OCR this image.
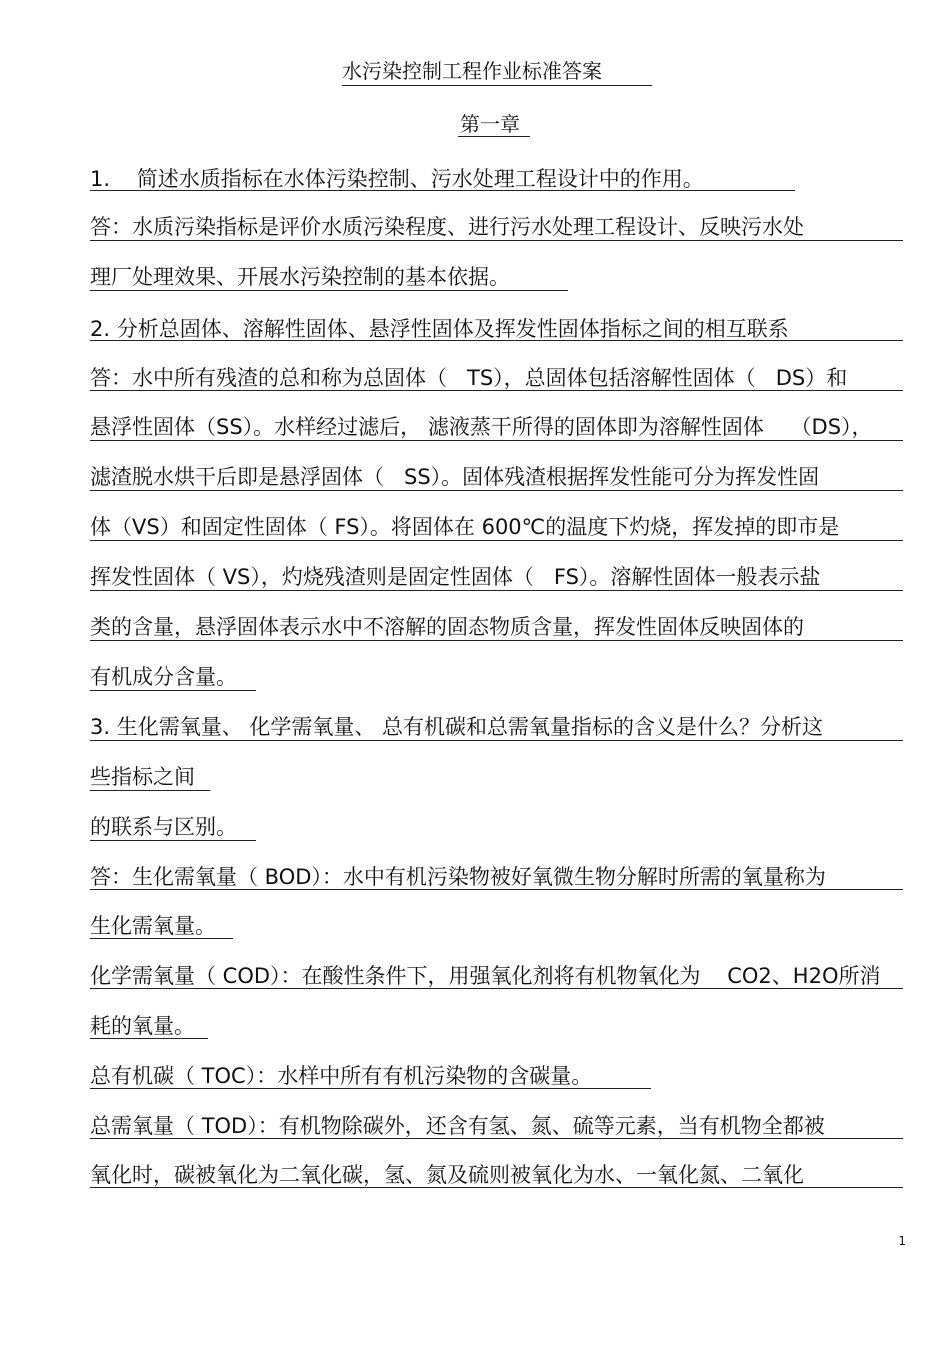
水污染控制工程作业标准答案
第一章
1.    简述水质指标在水体污染控制、污水处理工程设计中的作用。
答：水质污染指标是评价水质污染程度、进行污水处理工程设计、反映污水处
理厂处理效果、开展水污染控制的基本依据。
2. 分析总固体、溶解性固体、悬浮性固体及挥发性固体指标之间的相互联系
答：水中所有残渣的总和称为总固体（   TS），总固体包括溶解性固体（   DS）和
悬浮性固体（SS）。水样经过滤后， 滤液蒸干所得的固体即为溶解性固体    （DS），
滤渣脱水烘干后即是悬浮固体（   SS）。固体残渣根据挥发性能可分为挥发性固
体（VS）和固定性固体（ FS）。将固体在 600℃的温度下灼烧，挥发掉的即市是
挥发性固体（ VS），灼烧残渣则是固定性固体（   FS）。溶解性固体一般表示盐
类的含量，悬浮固体表示水中不溶解的固态物质含量，挥发性固体反映固体的
有机成分含量。
3. 生化需氧量、 化学需氧量、 总有机碳和总需氧量指标的含义是什么？分析这
些指标之间
的联系与区别。
答：生化需氧量（ BOD）：水中有机污染物被好氧微生物分解时所需的氧量称为
生化需氧量。
化学需氧量（ COD）：在酸性条件下，用强氧化剂将有机物氧化为    CO2、H2O所消
耗的氧量。
总有机碳（ TOC）：水样中所有有机污染物的含碳量。
总需氧量（ TOD）：有机物除碳外，还含有氢、氮、硫等元素，当有机物全都被
氧化时，碳被氧化为二氧化碳，氢、氮及硫则被氧化为水、一氧化氮、二氧化
1
